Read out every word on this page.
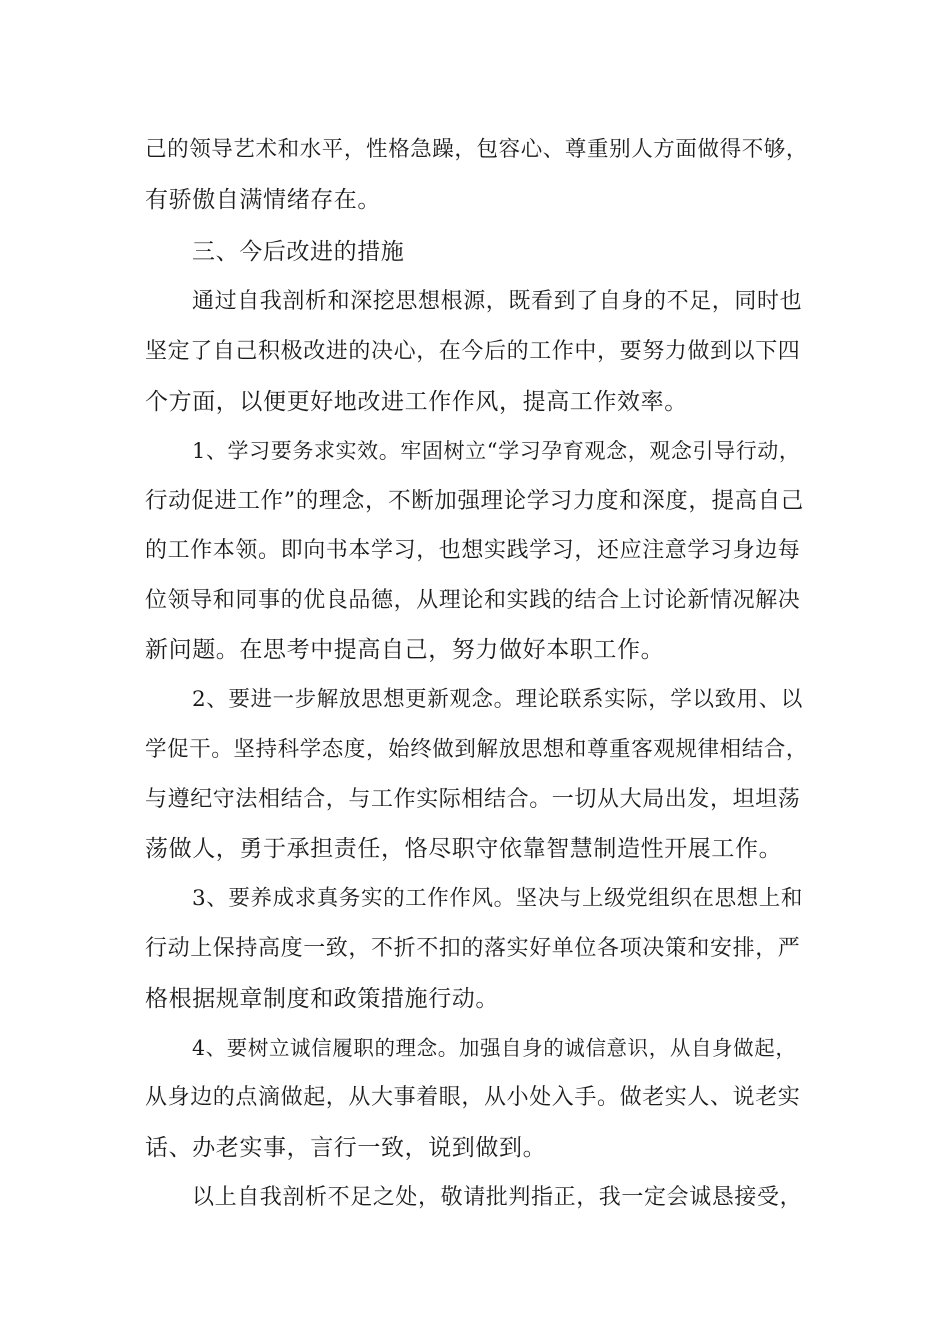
己的领导艺术和水平，性格急躁，包容心、尊重别人方面做得不够，

有骄傲自满情绪存在。

三、今后改进的措施

通过自我剖析和深挖思想根源，既看到了自身的不足，同时也

坚定了自己积极改进的决心，在今后的工作中，要努力做到以下四

个方面，以便更好地改进工作作风，提高工作效率。

1、学习要务求实效。牢固树立“学习孕育观念，观念引导行动，

行动促进工作”的理念，不断加强理论学习力度和深度，提高自己

的工作本领。即向书本学习，也想实践学习，还应注意学习身边每

位领导和同事的优良品德，从理论和实践的结合上讨论新情况解决

新问题。在思考中提高自己，努力做好本职工作。

2、要进一步解放思想更新观念。理论联系实际，学以致用、以

学促干。坚持科学态度，始终做到解放思想和尊重客观规律相结合，

与遵纪守法相结合，与工作实际相结合。一切从大局出发，坦坦荡

荡做人，勇于承担责任，恪尽职守依靠智慧制造性开展工作。

3、要养成求真务实的工作作风。坚决与上级党组织在思想上和

行动上保持高度一致，不折不扣的落实好单位各项决策和安排，严

格根据规章制度和政策措施行动。

4、要树立诚信履职的理念。加强自身的诚信意识，从自身做起，

从身边的点滴做起，从大事着眼，从小处入手。做老实人、说老实

话、办老实事，言行一致，说到做到。

以上自我剖析不足之处，敬请批判指正，我一定会诚恳接受，
